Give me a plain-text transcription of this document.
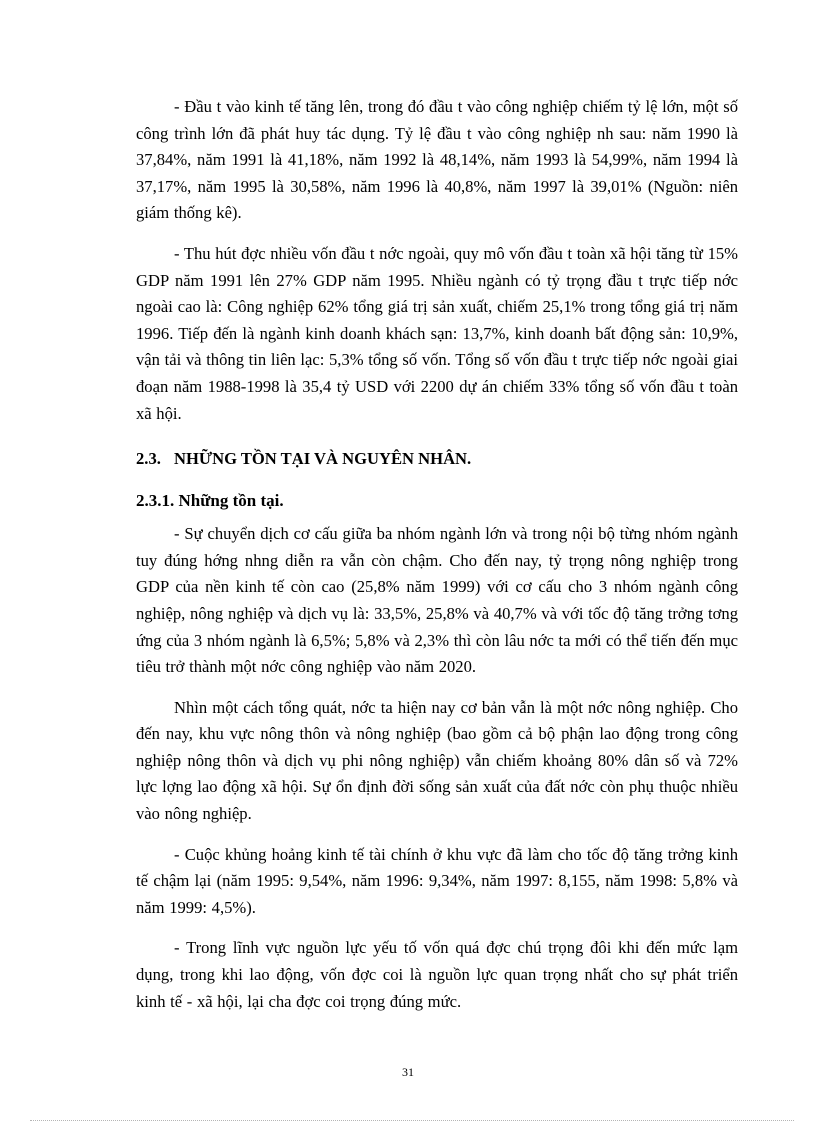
- Đầu t vào kinh tế tăng lên, trong đó đầu t vào công nghiệp chiếm tỷ lệ lớn, một số công trình lớn đã phát huy tác dụng. Tỷ lệ đầu t vào công nghiệp nh sau: năm 1990 là 37,84%, năm 1991 là 41,18%, năm 1992 là 48,14%, năm 1993 là 54,99%, năm 1994 là 37,17%, năm 1995 là 30,58%, năm 1996 là 40,8%, năm 1997 là 39,01% (Nguồn: niên giám thống kê).

- Thu hút đợc nhiều vốn đầu t nớc ngoài, quy mô vốn đầu t toàn xã hội tăng từ 15% GDP năm 1991 lên 27% GDP năm 1995. Nhiều ngành có tỷ trọng đầu t trực tiếp nớc ngoài cao là: Công nghiệp 62% tổng giá trị sản xuất, chiếm 25,1% trong tổng giá trị năm 1996. Tiếp đến là ngành kinh doanh khách sạn: 13,7%, kinh doanh bất động sản: 10,9%, vận tải và thông tin liên lạc: 5,3% tổng số vốn. Tổng số vốn đầu t trực tiếp nớc ngoài giai đoạn năm 1988-1998 là 35,4 tỷ USD với 2200 dự án chiếm 33% tổng số vốn đầu t toàn xã hội.

2.3. NHỮNG TỒN TẠI VÀ NGUYÊN NHÂN.
2.3.1. Những tồn tại.

- Sự chuyển dịch cơ cấu giữa ba nhóm ngành lớn và trong nội bộ từng nhóm ngành tuy đúng hớng nhng diễn ra vẫn còn chậm. Cho đến nay, tỷ trọng nông nghiệp trong GDP của nền kinh tế còn cao (25,8% năm 1999) với cơ cấu cho 3 nhóm ngành công nghiệp, nông nghiệp và dịch vụ là: 33,5%, 25,8% và 40,7% và với tốc độ tăng trởng tơng ứng của 3 nhóm ngành là 6,5%; 5,8% và 2,3% thì còn lâu nớc ta mới có thể tiến đến mục tiêu trở thành một nớc công nghiệp vào năm 2020.

Nhìn một cách tổng quát, nớc ta hiện nay cơ bản vẫn là một nớc nông nghiệp. Cho đến nay, khu vực nông thôn và nông nghiệp (bao gồm cả bộ phận lao động trong công nghiệp nông thôn và dịch vụ phi nông nghiệp) vẫn chiếm khoảng 80% dân số và 72% lực lợng lao động xã hội. Sự ổn định đời sống sản xuất của đất nớc còn phụ thuộc nhiều vào nông nghiệp.

- Cuộc khủng hoảng kinh tế tài chính ở khu vực đã làm cho tốc độ tăng trởng kinh tế chậm lại (năm 1995: 9,54%, năm 1996: 9,34%, năm 1997: 8,155, năm 1998: 5,8% và năm 1999: 4,5%).

- Trong lĩnh vực nguồn lực yếu tố vốn quá đợc chú trọng đôi khi đến mức lạm dụng, trong khi lao động, vốn đợc coi là nguồn lực quan trọng nhất cho sự phát triển kinh tế - xã hội, lại cha đợc coi trọng đúng mức.

31
